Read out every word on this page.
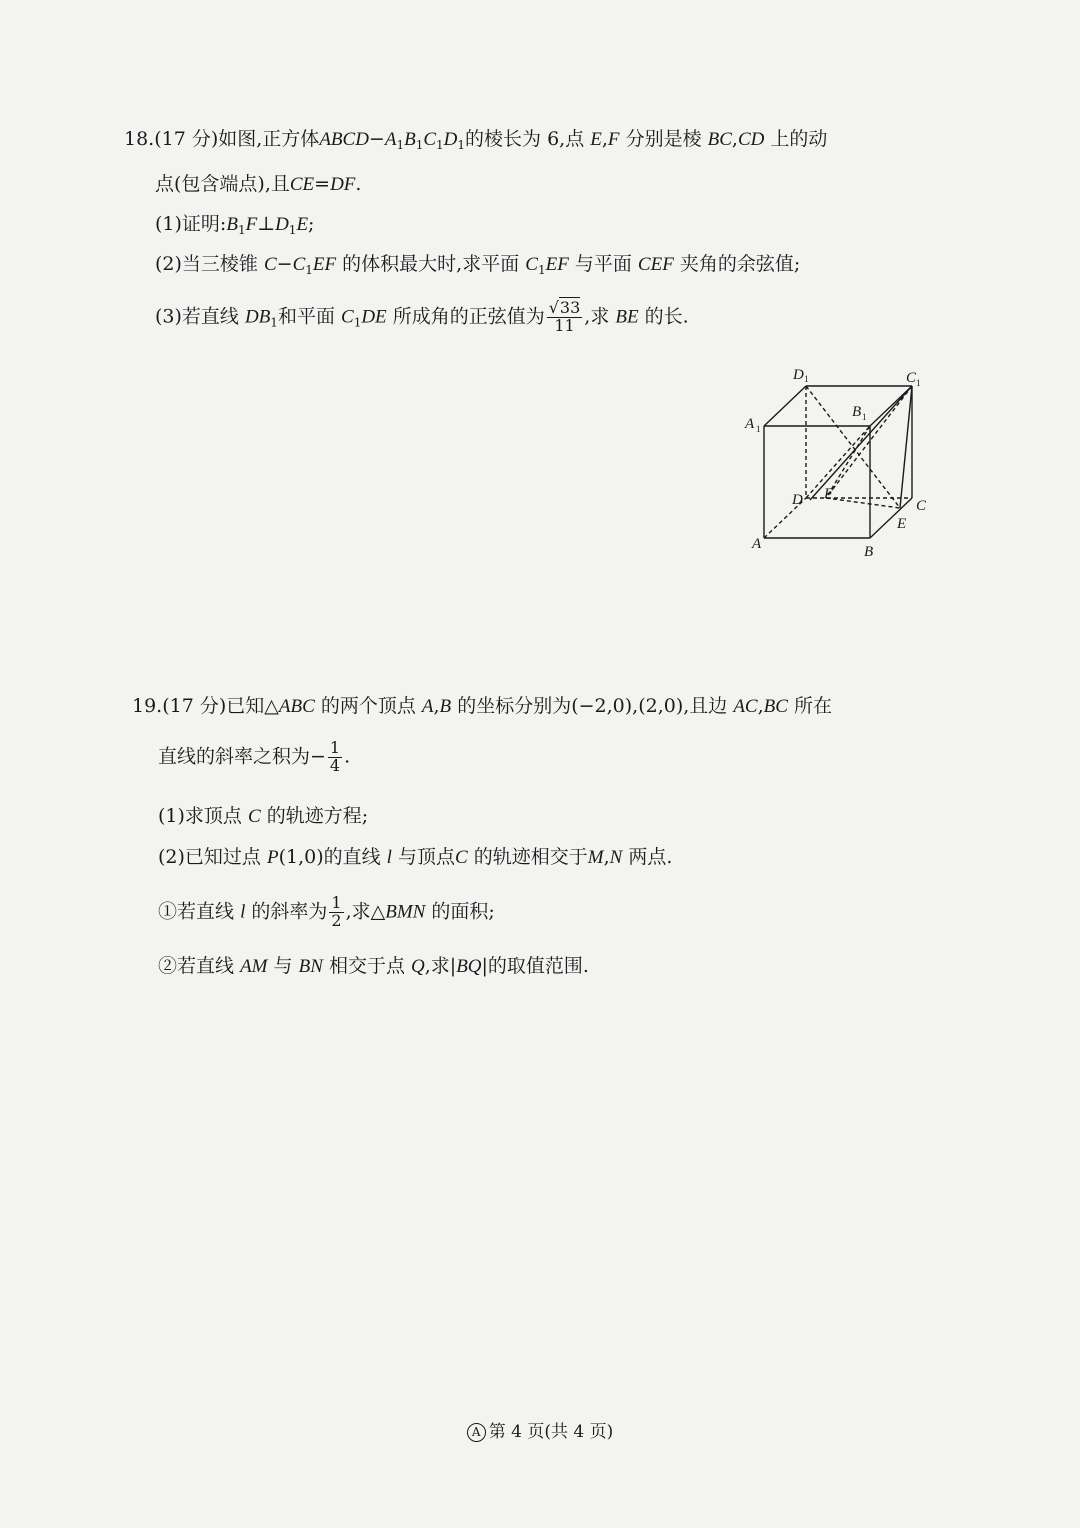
18.(17 分)如图,正方体$ABCD-A_1B_1C_1D_1$的棱长为 6,点 E,F 分别是棱 BC,CD 上的动
点(包含端点),且CE=DF.
(1)证明$:B_1F\perp D_1E$;
(2)当三棱锥 $C-C_1EF$ 的体积最大时,求平面 $C_1EF$ 与平面 CEF 夹角的余弦值;
(3)若直线 $DB_1$和平面 $C_1DE$ 所成角的正弦值为 $\frac{√33}{11}$ ,求 BE 的长.
D 1	C 1
B 1
A 1
D F
C
E
A	B
19.(17 分)已知△ABC 的两个顶点 A,B 的坐标分别为(−2,0),(2,0),且边 AC,BC 所在
直线的斜率之积为− $\frac{1}{4}$ .
(1)求顶点 C 的轨迹方程;
(2)已知过点 P(1,0)的直线 l 与顶点C 的轨迹相交于M,N 两点.
①若直线 l 的斜率为 $\frac{1}{2}$ ,求△BMN 的面积;
②若直线 AM 与 BN 相交于点 Q,求|BQ|的取值范围.
A 第 4 页(共 4 页)
